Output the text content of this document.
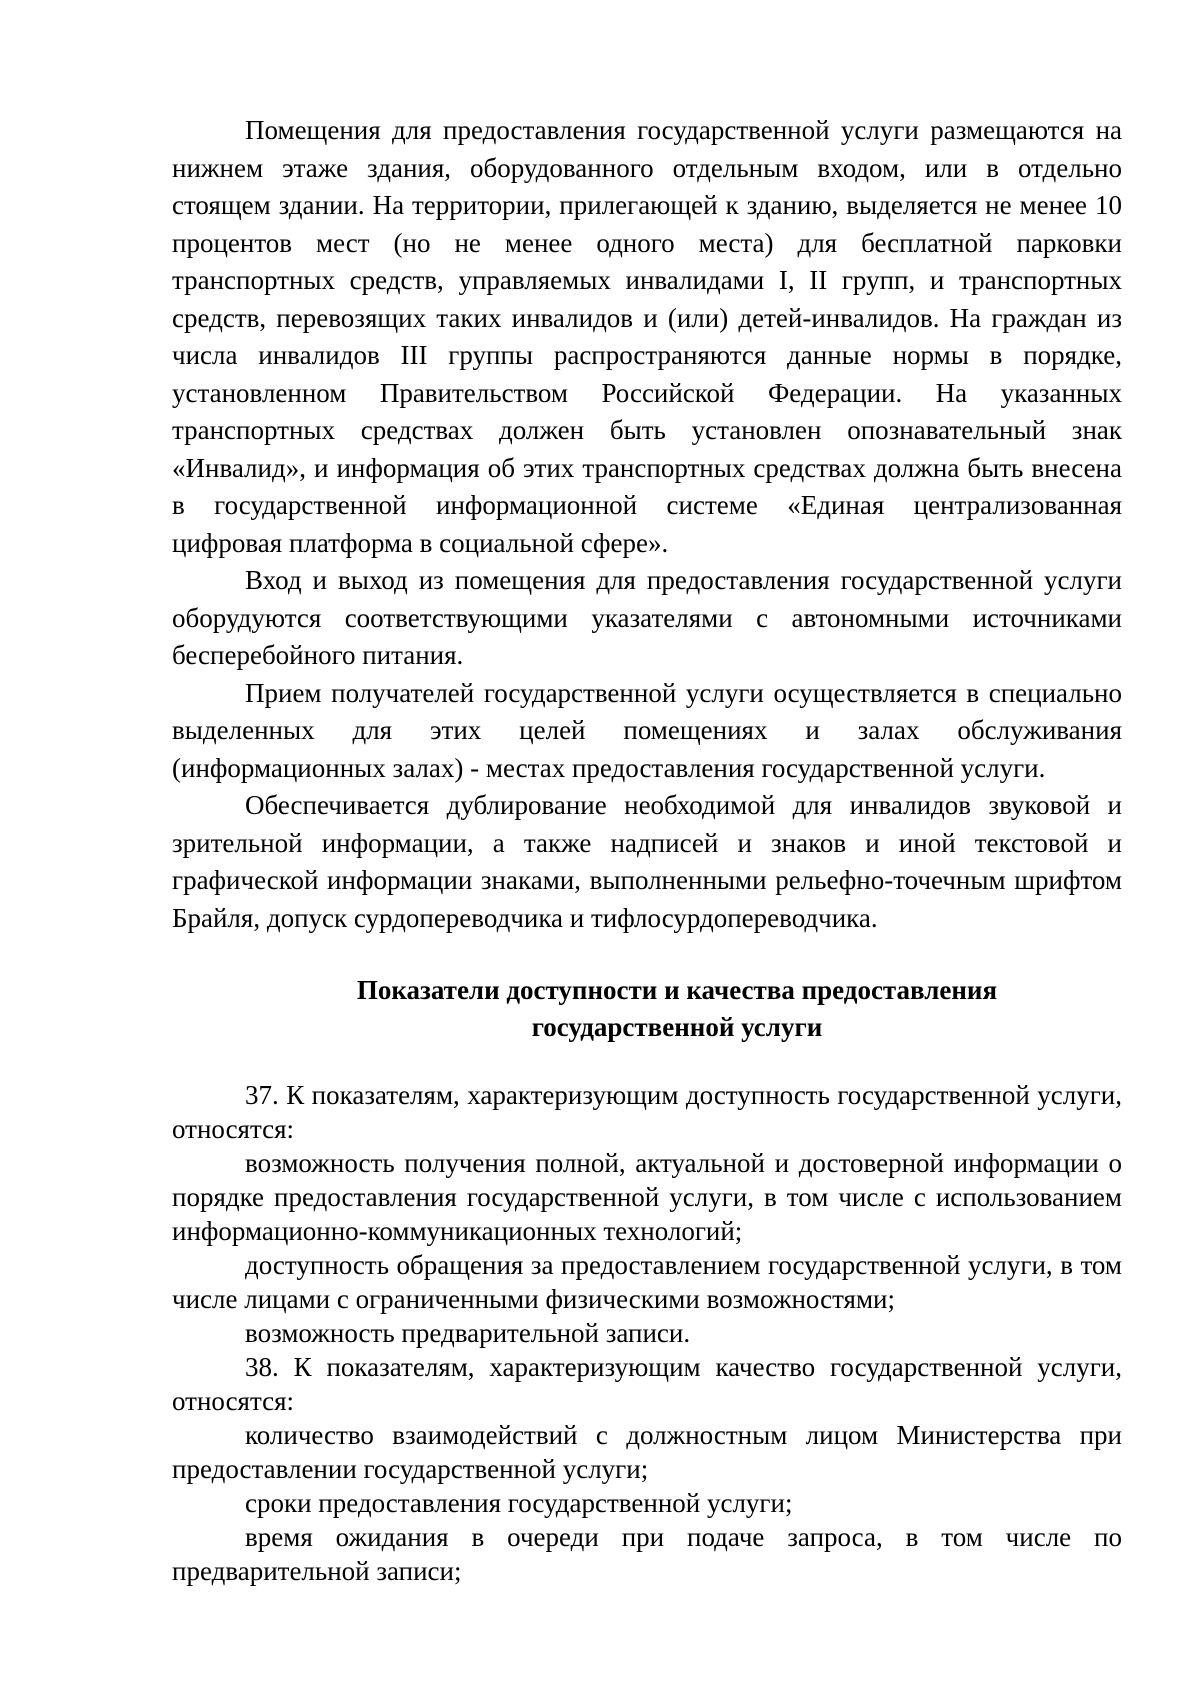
Помещения для предоставления государственной услуги размещаются на нижнем этаже здания, оборудованного отдельным входом, или в отдельно стоящем здании. На территории, прилегающей к зданию, выделяется не менее 10 процентов мест (но не менее одного места) для бесплатной парковки транспортных средств, управляемых инвалидами I, II групп, и транспортных средств, перевозящих таких инвалидов и (или) детей-инвалидов. На граждан из числа инвалидов III группы распространяются данные нормы в порядке, установленном Правительством Российской Федерации. На указанных транспортных средствах должен быть установлен опознавательный знак «Инвалид», и информация об этих транспортных средствах должна быть внесена в государственной информационной системе «Единая централизованная цифровая платформа в социальной сфере».

Вход и выход из помещения для предоставления государственной услуги оборудуются соответствующими указателями с автономными источниками бесперебойного питания.

Прием получателей государственной услуги осуществляется в специально выделенных для этих целей помещениях и залах обслуживания (информационных залах) - местах предоставления государственной услуги.

Обеспечивается дублирование необходимой для инвалидов звуковой и зрительной информации, а также надписей и знаков и иной текстовой и графической информации знаками, выполненными рельефно-точечным шрифтом Брайля, допуск сурдопереводчика и тифлосурдопереводчика.

Показатели доступности и качества предоставления
государственной услуги

37. К показателям, характеризующим доступность государственной услуги, относятся:

возможность получения полной, актуальной и достоверной информации о порядке предоставления государственной услуги, в том числе с использованием информационно-коммуникационных технологий;

доступность обращения за предоставлением государственной услуги, в том числе лицами с ограниченными физическими возможностями;

возможность предварительной записи.

38. К показателям, характеризующим качество государственной услуги, относятся:

количество взаимодействий с должностным лицом Министерства при предоставлении государственной услуги;

сроки предоставления государственной услуги;

время ожидания в очереди при подаче запроса, в том числе по предварительной записи;
